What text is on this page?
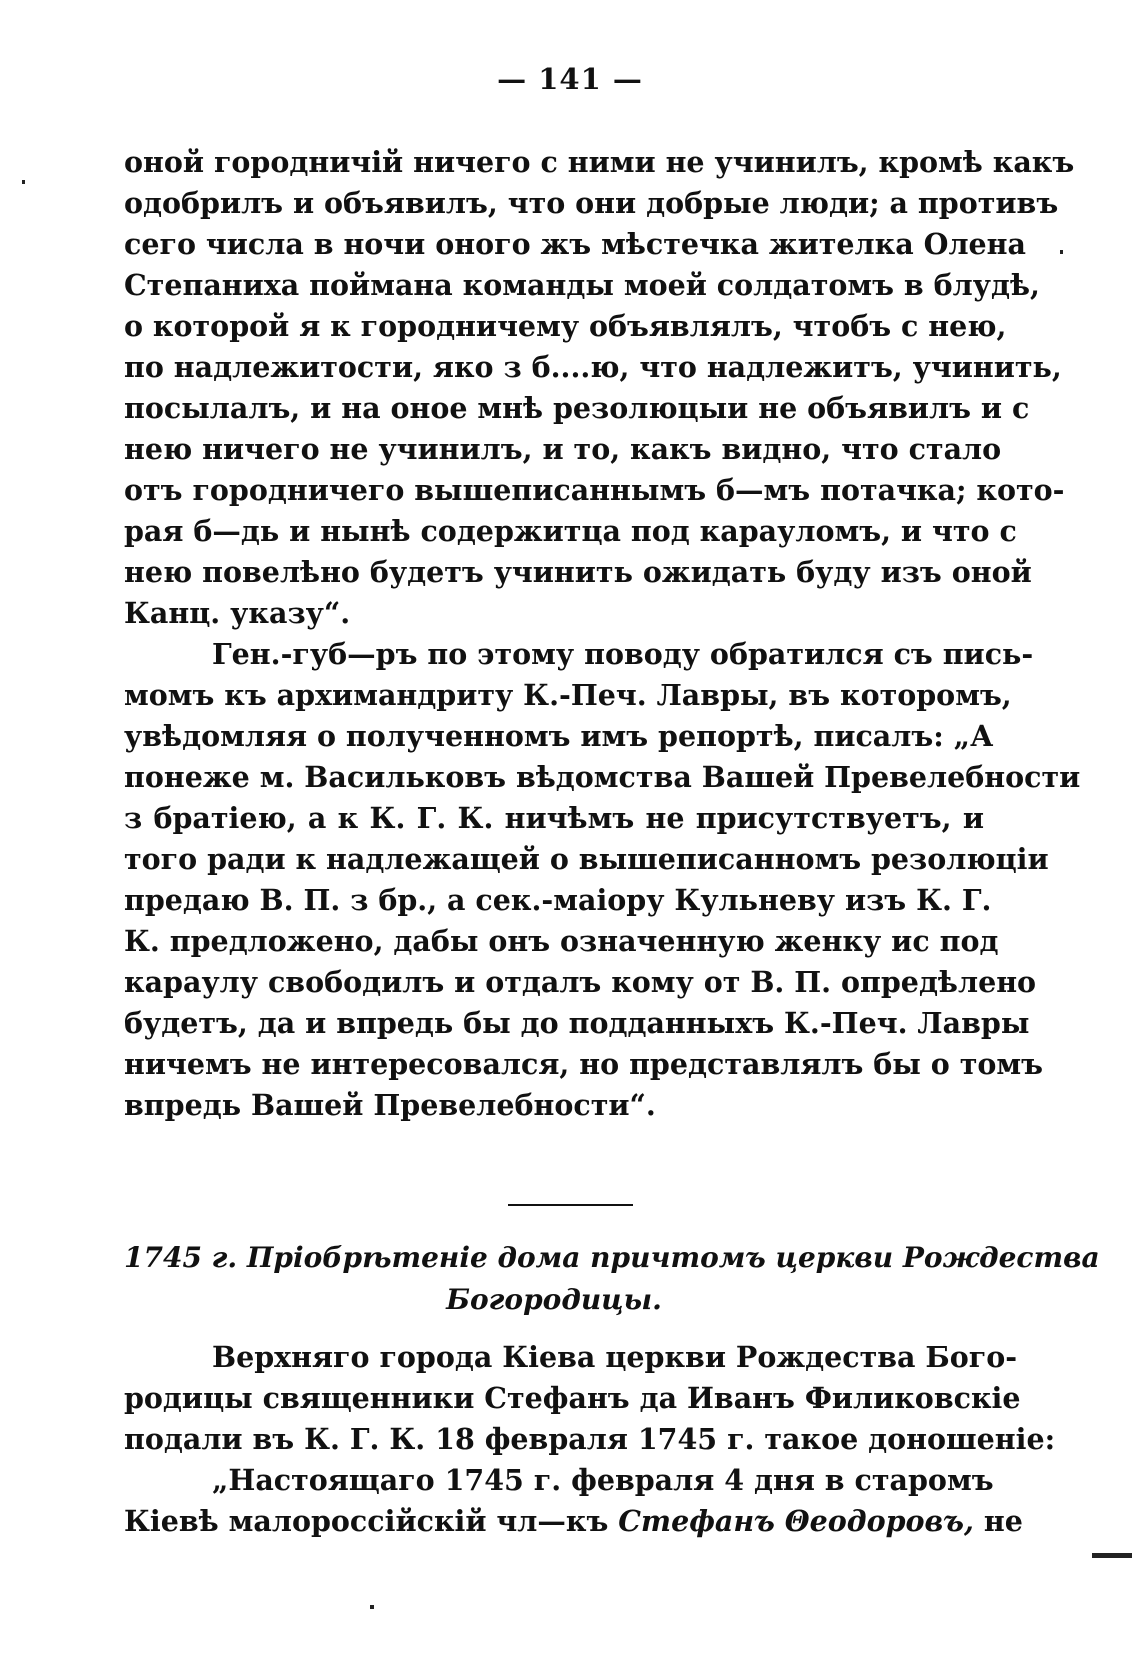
— 141 —
оной городничій ничего с ними не учинилъ, кромѣ какъ
одобрилъ и объявилъ, что они добрые люди; а противъ
сего числа в ночи оного жъ мѣстечка жителка Олена
Степаниха поймана команды моей солдатомъ в блудѣ,
о которой я к городничему объявлялъ, чтобъ с нею,
по надлежитости, яко з б....ю, что надлежитъ, учинить,
посылалъ, и на оное мнѣ резолюцыи не объявилъ и с
нею ничего не учинилъ, и то, какъ видно, что стало
отъ городничего вышеписаннымъ б—мъ потачка; кото-
рая б—дь и нынѣ содержитца под карауломъ, и что с
нею повелѣно будетъ учинить ожидать буду изъ оной
Канц. указу“.
Ген.-губ—ръ по этому поводу обратился съ пись-
момъ къ архимандриту К.-Печ. Лавры, въ которомъ,
увѣдомляя о полученномъ имъ репортѣ, писалъ: „А
понеже м. Васильковъ вѣдомства Вашей Превелебности
з братіею, а к К. Г. К. ничѣмъ не присутствуетъ, и
того ради к надлежащей о вышеписанномъ резолюціи
предаю В. П. з бр., а сек.-маіору Кульневу изъ К. Г.
К. предложено, дабы онъ означенную женку ис под
караулу свободилъ и отдалъ кому от В. П. опредѣлено
будетъ, да и впредь бы до подданныхъ К.-Печ. Лавры
ничемъ не интересовался, но представлялъ бы о томъ
впредь Вашей Превелебности“.
1745 г. Пріобрѣтеніе дома причтомъ церкви Рождества
Богородицы.
Верхняго города Кіева церкви Рождества Бого-
родицы священники Стефанъ да Иванъ Филиковскіе
подали въ К. Г. К. 18 февраля 1745 г. такое доношеніе:
„Настоящаго 1745 г. февраля 4 дня в старомъ
Кіевѣ малороссійскій чл—къ Стефанъ Θеодоровъ, не
